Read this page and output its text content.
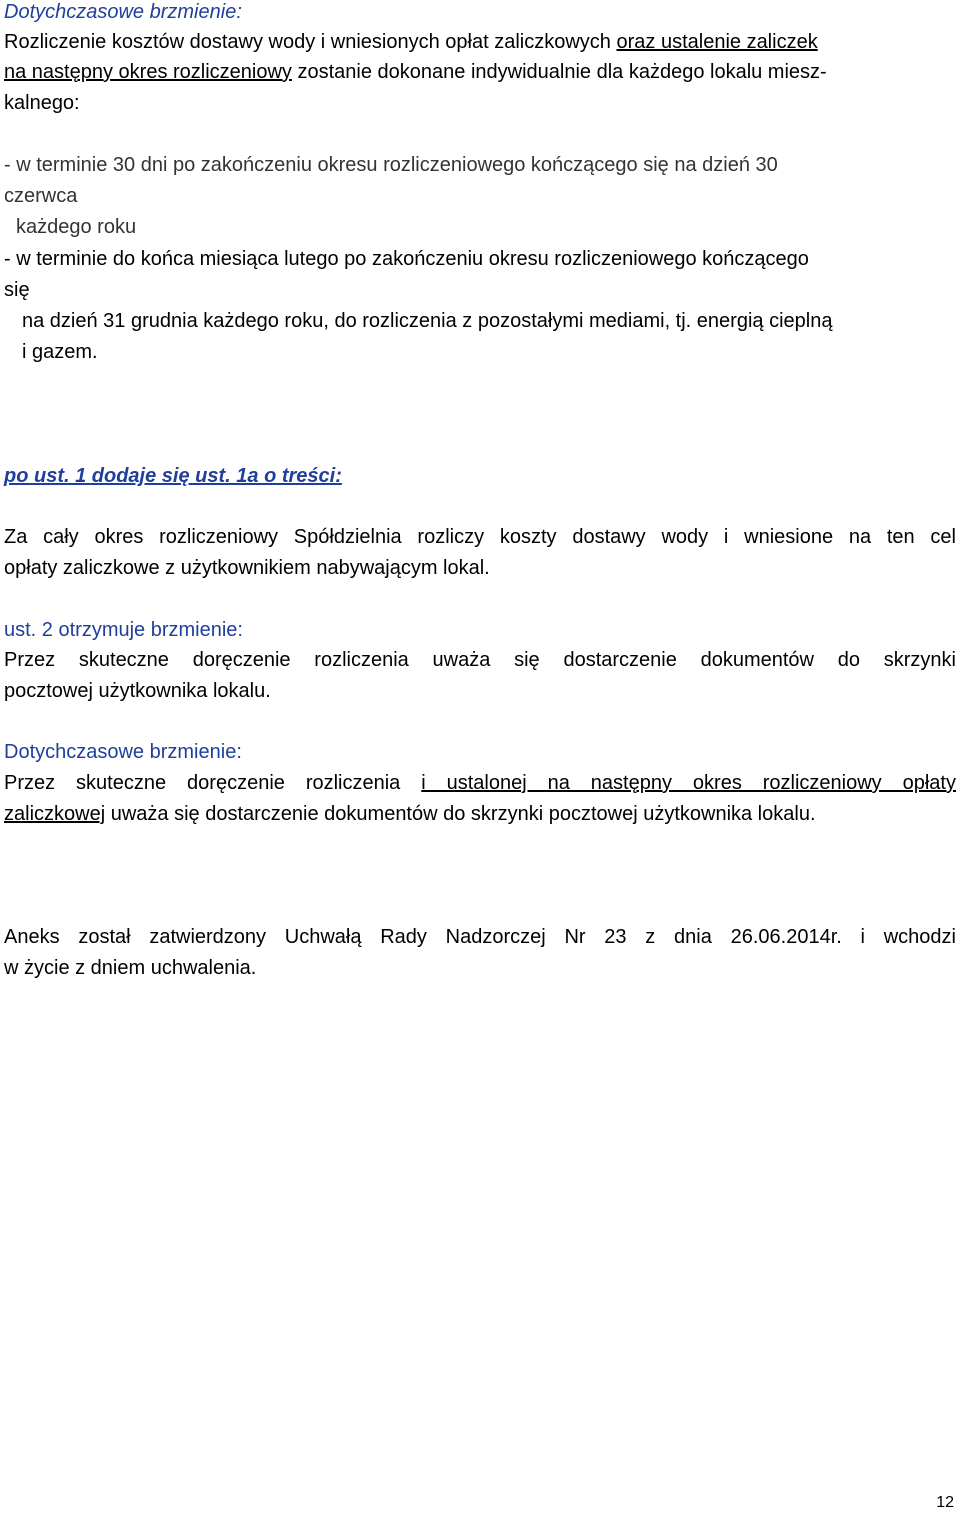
Dotychczasowe brzmienie:

Rozliczenie kosztów dostawy wody i wniesionych opłat zaliczkowych oraz ustalenie zaliczek

na następny okres rozliczeniowy zostanie dokonane indywidualnie dla każdego lokalu miesz-

kalnego:

- w terminie 30 dni po zakończeniu okresu rozliczeniowego kończącego się na dzień 30

czerwca

każdego roku

- w terminie do końca miesiąca lutego po zakończeniu okresu rozliczeniowego kończącego

się

na dzień 31 grudnia każdego roku, do rozliczenia z pozostałymi mediami, tj. energią cieplną

i gazem.

po ust. 1 dodaje się ust. 1a o treści:

Za cały okres rozliczeniowy Spółdzielnia rozliczy koszty dostawy wody i wniesione na ten cel

opłaty zaliczkowe z użytkownikiem nabywającym lokal.

ust. 2 otrzymuje brzmienie:

Przez skuteczne doręczenie rozliczenia uważa się dostarczenie dokumentów do skrzynki

pocztowej użytkownika lokalu.

Dotychczasowe brzmienie:

Przez skuteczne doręczenie rozliczenia i ustalonej na następny okres rozliczeniowy opłaty

zaliczkowej uważa się dostarczenie dokumentów do skrzynki pocztowej użytkownika lokalu.

Aneks został zatwierdzony Uchwałą Rady Nadzorczej Nr 23 z dnia 26.06.2014r. i wchodzi

w życie z dniem uchwalenia.

12
